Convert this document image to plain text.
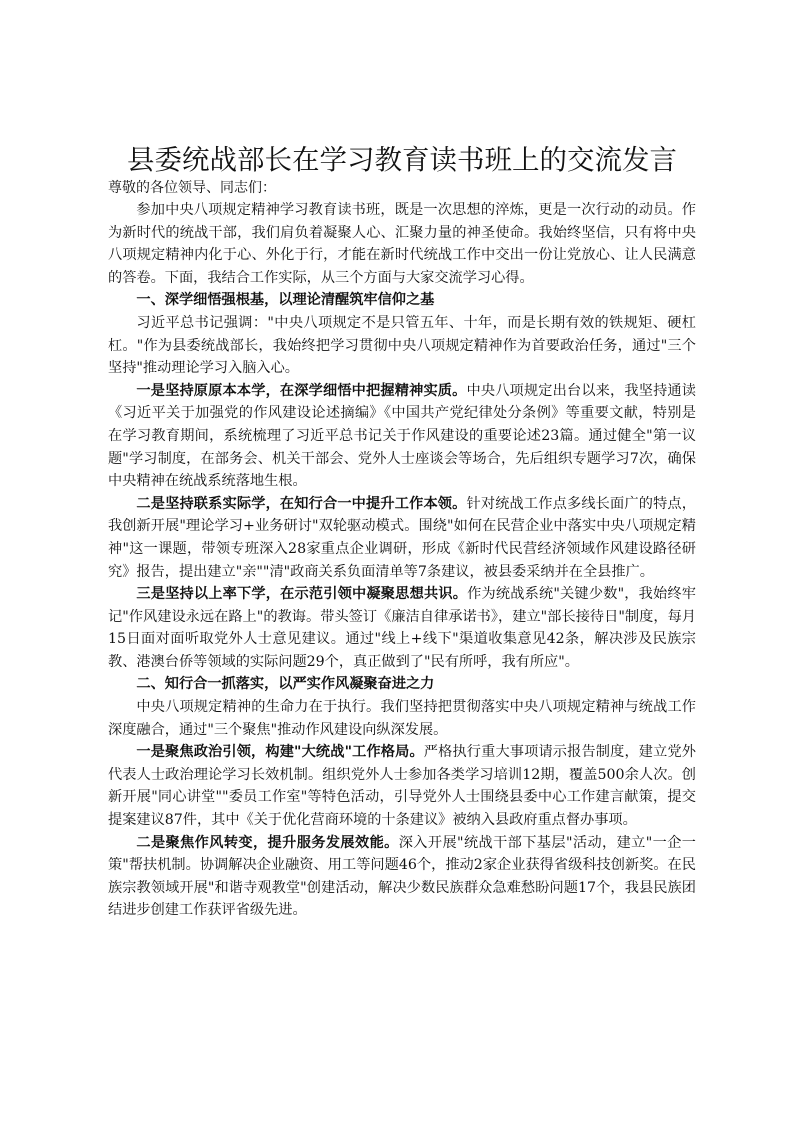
县委统战部长在学习教育读书班上的交流发言

尊敬的各位领导、同志们：

参加中央八项规定精神学习教育读书班，既是一次思想的淬炼，更是一次行动的动员。作为新时代的统战干部，我们肩负着凝聚人心、汇聚力量的神圣使命。我始终坚信，只有将中央八项规定精神内化于心、外化于行，才能在新时代统战工作中交出一份让党放心、让人民满意的答卷。下面，我结合工作实际，从三个方面与大家交流学习心得。

一、深学细悟强根基，以理论清醒筑牢信仰之基

习近平总书记强调："中央八项规定不是只管五年、十年，而是长期有效的铁规矩、硬杠杠。"作为县委统战部长，我始终把学习贯彻中央八项规定精神作为首要政治任务，通过"三个坚持"推动理论学习入脑入心。

一是坚持原原本本学，在深学细悟中把握精神实质。中央八项规定出台以来，我坚持通读《习近平关于加强党的作风建设论述摘编》《中国共产党纪律处分条例》等重要文献，特别是在学习教育期间，系统梳理了习近平总书记关于作风建设的重要论述23篇。通过健全"第一议题"学习制度，在部务会、机关干部会、党外人士座谈会等场合，先后组织专题学习7次，确保中央精神在统战系统落地生根。

二是坚持联系实际学，在知行合一中提升工作本领。针对统战工作点多线长面广的特点，我创新开展"理论学习+业务研讨"双轮驱动模式。围绕"如何在民营企业中落实中央八项规定精神"这一课题，带领专班深入28家重点企业调研，形成《新时代民营经济领域作风建设路径研究》报告，提出建立"亲""清"政商关系负面清单等7条建议，被县委采纳并在全县推广。

三是坚持以上率下学，在示范引领中凝聚思想共识。作为统战系统"关键少数"，我始终牢记"作风建设永远在路上"的教诲。带头签订《廉洁自律承诺书》，建立"部长接待日"制度，每月15日面对面听取党外人士意见建议。通过"线上+线下"渠道收集意见42条，解决涉及民族宗教、港澳台侨等领域的实际问题29个，真正做到了"民有所呼，我有所应"。

二、知行合一抓落实，以严实作风凝聚奋进之力

中央八项规定精神的生命力在于执行。我们坚持把贯彻落实中央八项规定精神与统战工作深度融合，通过"三个聚焦"推动作风建设向纵深发展。

一是聚焦政治引领，构建"大统战"工作格局。严格执行重大事项请示报告制度，建立党外代表人士政治理论学习长效机制。组织党外人士参加各类学习培训12期，覆盖500余人次。创新开展"同心讲堂""委员工作室"等特色活动，引导党外人士围绕县委中心工作建言献策，提交提案建议87件，其中《关于优化营商环境的十条建议》被纳入县政府重点督办事项。

二是聚焦作风转变，提升服务发展效能。深入开展"统战干部下基层"活动，建立"一企一策"帮扶机制。协调解决企业融资、用工等问题46个，推动2家企业获得省级科技创新奖。在民族宗教领域开展"和谐寺观教堂"创建活动，解决少数民族群众急难愁盼问题17个，我县民族团结进步创建工作获评省级先进。
